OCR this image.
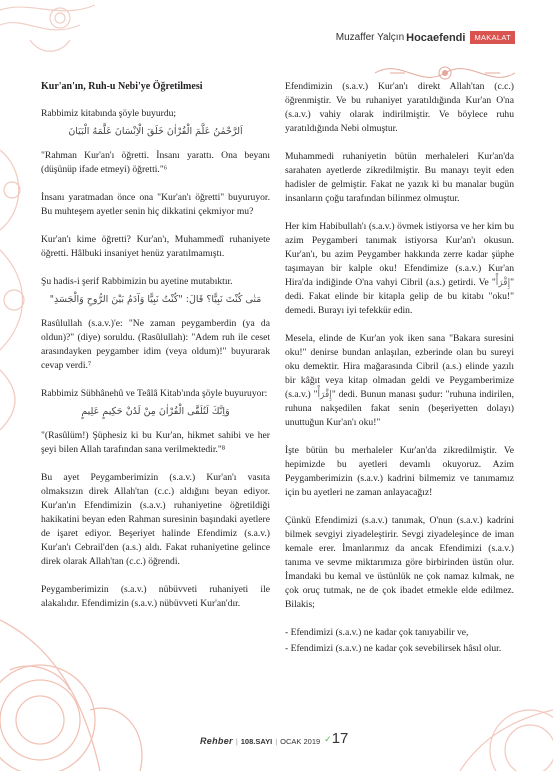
Muzaffer Yalçın Hocaefendi	MAKALAT
Kur'an'ın, Ruh-u Nebi'ye Öğretilmesi

Rabbimiz kitabında şöyle buyurdu;

اَلرَّحْمٰنُ عَلَّمَ الْقُرْاٰنَ خَلَقَ الْاِنْسَانَ عَلَّمَهُ الْبَيَانَ

"Rahman Kur'an'ı öğretti. İnsanı yarattı. Ona beyanı (düşünüp ifade etmeyi) öğretti."⁶

İnsanı yaratmadan önce ona "Kur'an'ı öğretti" buyuruyor. Bu muhteşem ayetler senin hiç dikkatini çekmiyor mu?

Kur'an'ı kime öğretti? Kur'an'ı, Muhammedî ruhaniyete öğretti. Hâlbuki insaniyet henüz yaratılmamıştı.

Şu hadis-i şerif Rabbimizin bu ayetine mutabıktır.

مَتٰى كُنْتَ نَبِيًّا؟ قَالَ: "كُنْتُ نَبِيًّا وَآدَمُ بَيْنَ الرُّوحِ وَالْجَسَدِ"

Rasûlullah (s.a.v.)'e: "Ne zaman peygamberdin (ya da oldun)?" (diye) soruldu. (Rasûlullah): "Adem ruh ile ceset arasındayken peygamber idim (veya oldum)!" buyurarak cevap verdi.⁷

Rabbimiz Sübhânehû ve Teâlâ Kitab'ında şöyle buyuruyor:

وَاِنَّكَ لَتُلَقَّى الْقُرْاٰنَ مِنْ لَدُنْ حَكِيمٍ عَلِيمٍ

"(Rasûlüm!) Şüphesiz ki bu Kur'an, hikmet sahibi ve her şeyi bilen Allah tarafından sana verilmektedir."⁸

Bu ayet Peygamberimizin (s.a.v.) Kur'an'ı vasıta olmaksızın direk Allah'tan (c.c.) aldığını beyan ediyor. Kur'an'ın Efendimizin (s.a.v.) ruhaniyetine öğretildiği hakikatini beyan eden Rahman suresinin başındaki ayetlere de işaret ediyor. Beşeriyet halinde Efendimiz (s.a.v.) Kur'an'ı Cebrail'den (a.s.) aldı. Fakat ruhaniyetine gelince direk olarak Allah'tan (c.c.) öğrendi.

Peygamberimizin (s.a.v.) nübüvveti ruhaniyeti ile alakalıdır. Efendimizin (s.a.v.) nübüvveti Kur'an'dır.

Efendimizin (s.a.v.) Kur'an'ı direkt Allah'tan (c.c.) öğrenmiştir. Ve bu ruhaniyet yaratıldığında Kur'an O'na (s.a.v.) vahiy olarak indirilmiştir. Ve böylece ruhu yaratıldığında Nebi olmuştur.

Muhammedi ruhaniyetin bütün merhaleleri Kur'an'da sarahaten ayetlerde zikredilmiştir. Bu manayı teyit eden hadisler de gelmiştir. Fakat ne yazık ki bu manalar bugün insanların çoğu tarafından bilinmez olmuştur.

Her kim Habibullah'ı (s.a.v.) övmek istiyorsa ve her kim bu azim Peygamberi tanımak istiyorsa Kur'an'ı okusun. Kur'an'ı, bu azim Peygamber hakkında zerre kadar şüphe taşımayan bir kalple oku! Efendimize (s.a.v.) Kur'an Hira'da indiğinde O'na vahyi Cibril (a.s.) getirdi. Ve "إِقْرَأْ" dedi. Fakat elinde bir kitapla gelip de bu kitabı "oku!" demedi. Burayı iyi tefekkür edin.

Mesela, elinde de Kur'an yok iken sana "Bakara suresini oku!" denirse bundan anlaşılan, ezberinde olan bu sureyi oku demektir. Hira mağarasında Cibril (a.s.) elinde yazılı bir kâğıt veya kitap olmadan geldi ve Peygamberimize (s.a.v.) "إِقْرَأْ" dedi. Bunun manası şudur: "ruhuna indirilen, ruhuna nakşedilen fakat senin (beşeriyetten dolayı) unuttuğun Kur'an'ı oku!"

İşte bütün bu merhaleler Kur'an'da zikredilmiştir. Ve hepimizde bu ayetleri devamlı okuyoruz. Azim Peygamberimizin (s.a.v.) kadrini bilmemiz ve tanımamız için bu ayetleri ne zaman anlayacağız!

Çünkü Efendimizi (s.a.v.) tanımak, O'nun (s.a.v.) kadrini bilmek sevgiyi ziyadeleştirir. Sevgi ziyadeleşince de iman kemale erer. İmanlarımız da ancak Efendimizi (s.a.v.) tanıma ve sevme miktarımıza göre birbirinden üstün olur. İmandaki bu kemal ve üstünlük ne çok namaz kılmak, ne çok oruç tutmak, ne de çok ibadet etmekle elde edilmez. Bilakis;

- Efendimizi (s.a.v.) ne kadar çok tanıyabilir ve,

- Efendimizi (s.a.v.) ne kadar çok sevebilirsek hâsıl olur.

Rehber | 108.SAYI | OCAK 2019 ✓17
